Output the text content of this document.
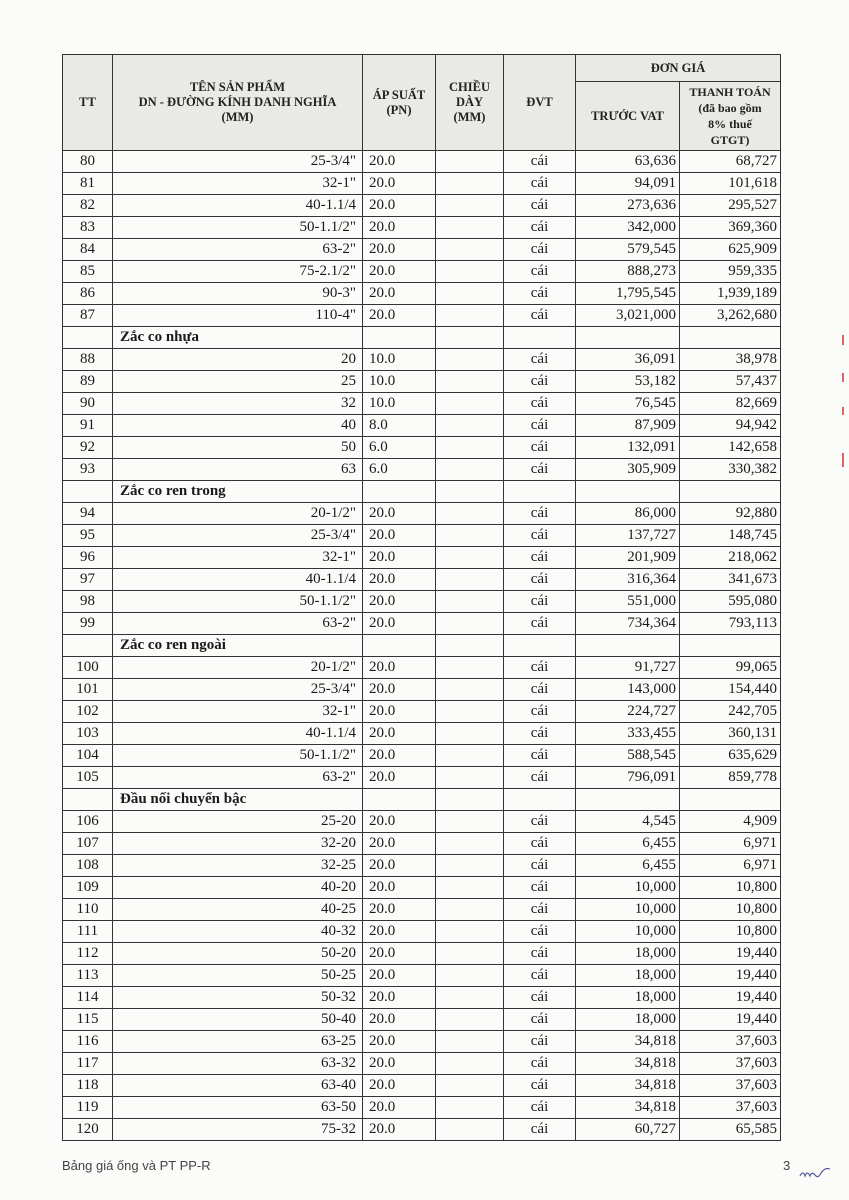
TT	TÊN SẢN PHẨM
DN - ĐƯỜNG KÍNH DANH NGHĨA
(MM)	ÁP SUẤT
(PN)	CHIỀU
DÀY
(MM)	ĐVT	ĐƠN GIÁ	
					TRƯỚC VAT	THANH TOÁN
(đã bao gồm
8% thuế
GTGT)
80	25-3/4"	20.0		cái	63,636	68,727
81	32-1"	20.0		cái	94,091	101,618
82	40-1.1/4	20.0		cái	273,636	295,527
83	50-1.1/2"	20.0		cái	342,000	369,360
84	63-2"	20.0		cái	579,545	625,909
85	75-2.1/2"	20.0		cái	888,273	959,335
86	90-3"	20.0		cái	1,795,545	1,939,189
87	110-4"	20.0		cái	3,021,000	3,262,680
	Zắc co nhựa					
88	20	10.0		cái	36,091	38,978
89	25	10.0		cái	53,182	57,437
90	32	10.0		cái	76,545	82,669
91	40	8.0		cái	87,909	94,942
92	50	6.0		cái	132,091	142,658
93	63	6.0		cái	305,909	330,382
	Zắc co ren trong					
94	20-1/2"	20.0		cái	86,000	92,880
95	25-3/4"	20.0		cái	137,727	148,745
96	32-1"	20.0		cái	201,909	218,062
97	40-1.1/4	20.0		cái	316,364	341,673
98	50-1.1/2"	20.0		cái	551,000	595,080
99	63-2"	20.0		cái	734,364	793,113
	Zắc co ren ngoài					
100	20-1/2"	20.0		cái	91,727	99,065
101	25-3/4"	20.0		cái	143,000	154,440
102	32-1"	20.0		cái	224,727	242,705
103	40-1.1/4	20.0		cái	333,455	360,131
104	50-1.1/2"	20.0		cái	588,545	635,629
105	63-2"	20.0		cái	796,091	859,778
	Đầu nối chuyển bậc					
106	25-20	20.0		cái	4,545	4,909
107	32-20	20.0		cái	6,455	6,971
108	32-25	20.0		cái	6,455	6,971
109	40-20	20.0		cái	10,000	10,800
110	40-25	20.0		cái	10,000	10,800
111	40-32	20.0		cái	10,000	10,800
112	50-20	20.0		cái	18,000	19,440
113	50-25	20.0		cái	18,000	19,440
114	50-32	20.0		cái	18,000	19,440
115	50-40	20.0		cái	18,000	19,440
116	63-25	20.0		cái	34,818	37,603
117	63-32	20.0		cái	34,818	37,603
118	63-40	20.0		cái	34,818	37,603
119	63-50	20.0		cái	34,818	37,603
120	75-32	20.0		cái	60,727	65,585
Bảng giá ống và PT PP-R	3
